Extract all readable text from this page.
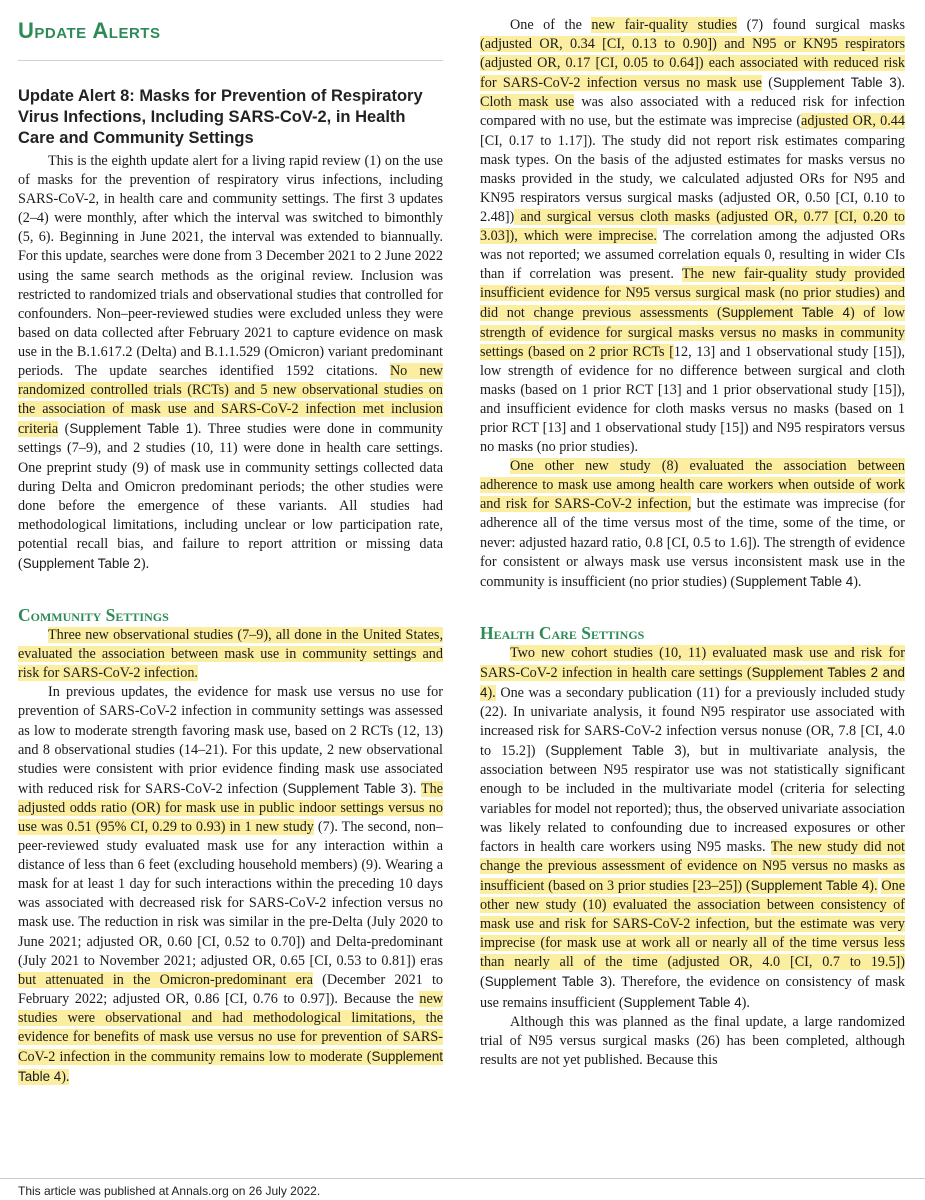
Update Alerts
Update Alert 8: Masks for Prevention of Respiratory Virus Infections, Including SARS-CoV-2, in Health Care and Community Settings

This is the eighth update alert for a living rapid review (1) on the use of masks for the prevention of respiratory virus infections, including SARS-CoV-2, in health care and community settings. The first 3 updates (2–4) were monthly, after which the interval was switched to bimonthly (5, 6). Beginning in June 2021, the interval was extended to biannually. For this update, searches were done from 3 December 2021 to 2 June 2022 using the same search methods as the original review. Inclusion was restricted to randomized trials and observational studies that controlled for confounders. Non–peer-reviewed studies were excluded unless they were based on data collected after February 2021 to capture evidence on mask use in the B.1.617.2 (Delta) and B.1.1.529 (Omicron) variant predominant periods. The update searches identified 1592 citations. No new randomized controlled trials (RCTs) and 5 new observational studies on the association of mask use and SARS-CoV-2 infection met inclusion criteria (Supplement Table 1). Three studies were done in community settings (7–9), and 2 studies (10, 11) were done in health care settings. One preprint study (9) of mask use in community settings collected data during Delta and Omicron predominant periods; the other studies were done before the emergence of these variants. All studies had methodological limitations, including unclear or low participation rate, potential recall bias, and failure to report attrition or missing data (Supplement Table 2).

Community Settings

Three new observational studies (7–9), all done in the United States, evaluated the association between mask use in community settings and risk for SARS-CoV-2 infection.

In previous updates, the evidence for mask use versus no use for prevention of SARS-CoV-2 infection in community settings was assessed as low to moderate strength favoring mask use, based on 2 RCTs (12, 13) and 8 observational studies (14–21). For this update, 2 new observational studies were consistent with prior evidence finding mask use associated with reduced risk for SARS-CoV-2 infection (Supplement Table 3). The adjusted odds ratio (OR) for mask use in public indoor settings versus no use was 0.51 (95% CI, 0.29 to 0.93) in 1 new study (7). The second, non–peer-reviewed study evaluated mask use for any interaction within a distance of less than 6 feet (excluding household members) (9). Wearing a mask for at least 1 day for such interactions within the preceding 10 days was associated with decreased risk for SARS-CoV-2 infection versus no mask use. The reduction in risk was similar in the pre-Delta (July 2020 to June 2021; adjusted OR, 0.60 [CI, 0.52 to 0.70]) and Delta-predominant (July 2021 to November 2021; adjusted OR, 0.65 [CI, 0.53 to 0.81]) eras but attenuated in the Omicron-predominant era (December 2021 to February 2022; adjusted OR, 0.86 [CI, 0.76 to 0.97]). Because the new studies were observational and had methodological limitations, the evidence for benefits of mask use versus no use for prevention of SARS-CoV-2 infection in the community remains low to moderate (Supplement Table 4).

One of the new fair-quality studies (7) found surgical masks (adjusted OR, 0.34 [CI, 0.13 to 0.90]) and N95 or KN95 respirators (adjusted OR, 0.17 [CI, 0.05 to 0.64]) each associated with reduced risk for SARS-CoV-2 infection versus no mask use (Supplement Table 3). Cloth mask use was also associated with a reduced risk for infection compared with no use, but the estimate was imprecise (adjusted OR, 0.44 [CI, 0.17 to 1.17]). The study did not report risk estimates comparing mask types. On the basis of the adjusted estimates for masks versus no masks provided in the study, we calculated adjusted ORs for N95 and KN95 respirators versus surgical masks (adjusted OR, 0.50 [CI, 0.10 to 2.48]) and surgical versus cloth masks (adjusted OR, 0.77 [CI, 0.20 to 3.03]), which were imprecise. The correlation among the adjusted ORs was not reported; we assumed correlation equals 0, resulting in wider CIs than if correlation was present. The new fair-quality study provided insufficient evidence for N95 versus surgical mask (no prior studies) and did not change previous assessments (Supplement Table 4) of low strength of evidence for surgical masks versus no masks in community settings (based on 2 prior RCTs [12, 13] and 1 observational study [15]), low strength of evidence for no difference between surgical and cloth masks (based on 1 prior RCT [13] and 1 prior observational study [15]), and insufficient evidence for cloth masks versus no masks (based on 1 prior RCT [13] and 1 observational study [15]) and N95 respirators versus no masks (no prior studies).

One other new study (8) evaluated the association between adherence to mask use among health care workers when outside of work and risk for SARS-CoV-2 infection, but the estimate was imprecise (for adherence all of the time versus most of the time, some of the time, or never: adjusted hazard ratio, 0.8 [CI, 0.5 to 1.6]). The strength of evidence for consistent or always mask use versus inconsistent mask use in the community is insufficient (no prior studies) (Supplement Table 4).

Health Care Settings

Two new cohort studies (10, 11) evaluated mask use and risk for SARS-CoV-2 infection in health care settings (Supplement Tables 2 and 4). One was a secondary publication (11) for a previously included study (22). In univariate analysis, it found N95 respirator use associated with increased risk for SARS-CoV-2 infection versus nonuse (OR, 7.8 [CI, 4.0 to 15.2]) (Supplement Table 3), but in multivariate analysis, the association between N95 respirator use was not statistically significant enough to be included in the multivariate model (criteria for selecting variables for model not reported); thus, the observed univariate association was likely related to confounding due to increased exposures or other factors in health care workers using N95 masks. The new study did not change the previous assessment of evidence on N95 versus no masks as insufficient (based on 3 prior studies [23–25]) (Supplement Table 4). One other new study (10) evaluated the association between consistency of mask use and risk for SARS-CoV-2 infection, but the estimate was very imprecise (for mask use at work all or nearly all of the time versus less than nearly all of the time (adjusted OR, 4.0 [CI, 0.7 to 19.5]) (Supplement Table 3). Therefore, the evidence on consistency of mask use remains insufficient (Supplement Table 4).

Although this was planned as the final update, a large randomized trial of N95 versus surgical masks (26) has been completed, although results are not yet published. Because this

This article was published at Annals.org on 26 July 2022.
